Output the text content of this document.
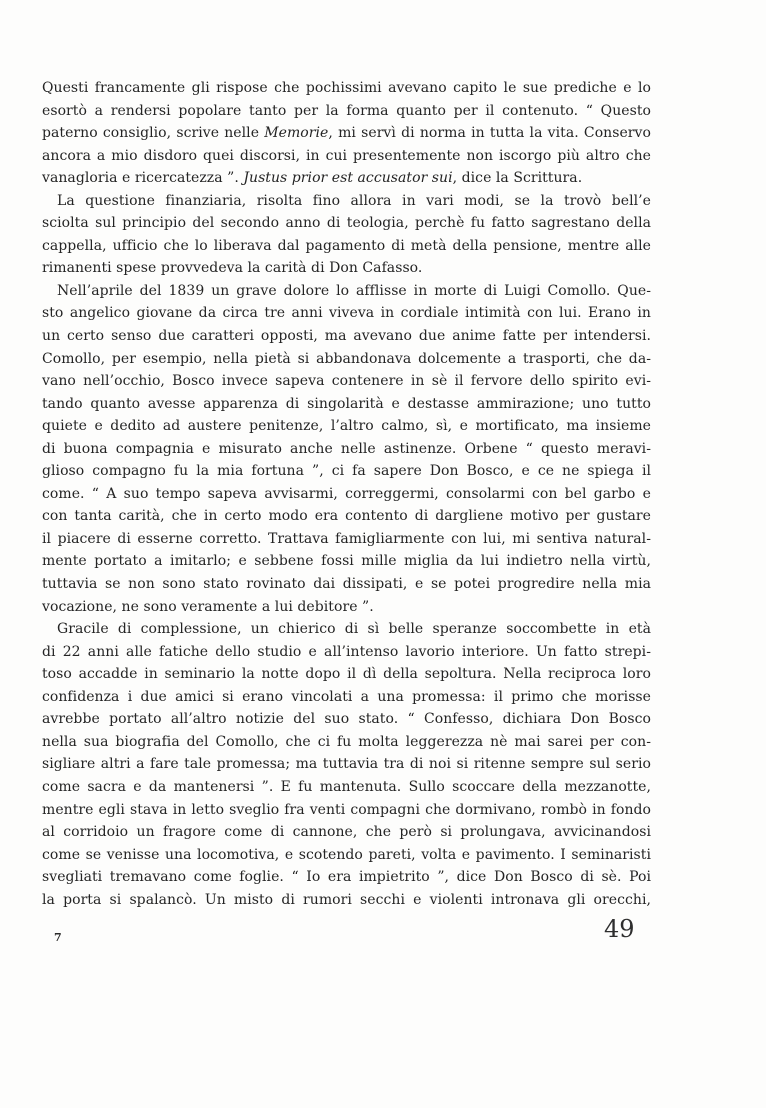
Questi francamente gli rispose che pochissimi avevano capito le sue prediche e lo
esortò a rendersi popolare tanto per la forma quanto per il contenuto. “ Questo
paterno consiglio, scrive nelle Memorie, mi servì di norma in tutta la vita. Conservo
ancora a mio disdoro quei discorsi, in cui presentemente non iscorgo più altro che
vanagloria e ricercatezza ”. Justus prior est accusator sui, dice la Scrittura.
La questione finanziaria, risolta fino allora in vari modi, se la trovò bell’e
sciolta sul principio del secondo anno di teologia, perchè fu fatto sagrestano della
cappella, ufficio che lo liberava dal pagamento di metà della pensione, mentre alle
rimanenti spese provvedeva la carità di Don Cafasso.
Nell’aprile del 1839 un grave dolore lo afflisse in morte di Luigi Comollo. Que-
sto angelico giovane da circa tre anni viveva in cordiale intimità con lui. Erano in
un certo senso due caratteri opposti, ma avevano due anime fatte per intendersi.
Comollo, per esempio, nella pietà si abbandonava dolcemente a trasporti, che da-
vano nell’occhio, Bosco invece sapeva contenere in sè il fervore dello spirito evi-
tando quanto avesse apparenza di singolarità e destasse ammirazione; uno tutto
quiete e dedito ad austere penitenze, l’altro calmo, sì, e mortificato, ma insieme
di buona compagnia e misurato anche nelle astinenze. Orbene “ questo meravi-
glioso compagno fu la mia fortuna ”, ci fa sapere Don Bosco, e ce ne spiega il
come. “ A suo tempo sapeva avvisarmi, correggermi, consolarmi con bel garbo e
con tanta carità, che in certo modo era contento di dargliene motivo per gustare
il piacere di esserne corretto. Trattava famigliarmente con lui, mi sentiva natural-
mente portato a imitarlo; e sebbene fossi mille miglia da lui indietro nella virtù,
tuttavia se non sono stato rovinato dai dissipati, e se potei progredire nella mia
vocazione, ne sono veramente a lui debitore ”.
Gracile di complessione, un chierico di sì belle speranze soccombette in età
di 22 anni alle fatiche dello studio e all’intenso lavorio interiore. Un fatto strepi-
toso accadde in seminario la notte dopo il dì della sepoltura. Nella reciproca loro
confidenza i due amici si erano vincolati a una promessa: il primo che morisse
avrebbe portato all’altro notizie del suo stato. “ Confesso, dichiara Don Bosco
nella sua biografia del Comollo, che ci fu molta leggerezza nè mai sarei per con-
sigliare altri a fare tale promessa; ma tuttavia tra di noi si ritenne sempre sul serio
come sacra e da mantenersi ”. E fu mantenuta. Sullo scoccare della mezzanotte,
mentre egli stava in letto sveglio fra venti compagni che dormivano, rombò in fondo
al corridoio un fragore come di cannone, che però si prolungava, avvicinandosi
come se venisse una locomotiva, e scotendo pareti, volta e pavimento. I seminaristi
svegliati tremavano come foglie. “ Io era impietrito ”, dice Don Bosco di sè. Poi
la porta si spalancò. Un misto di rumori secchi e violenti intronava gli orecchi,
7	49
